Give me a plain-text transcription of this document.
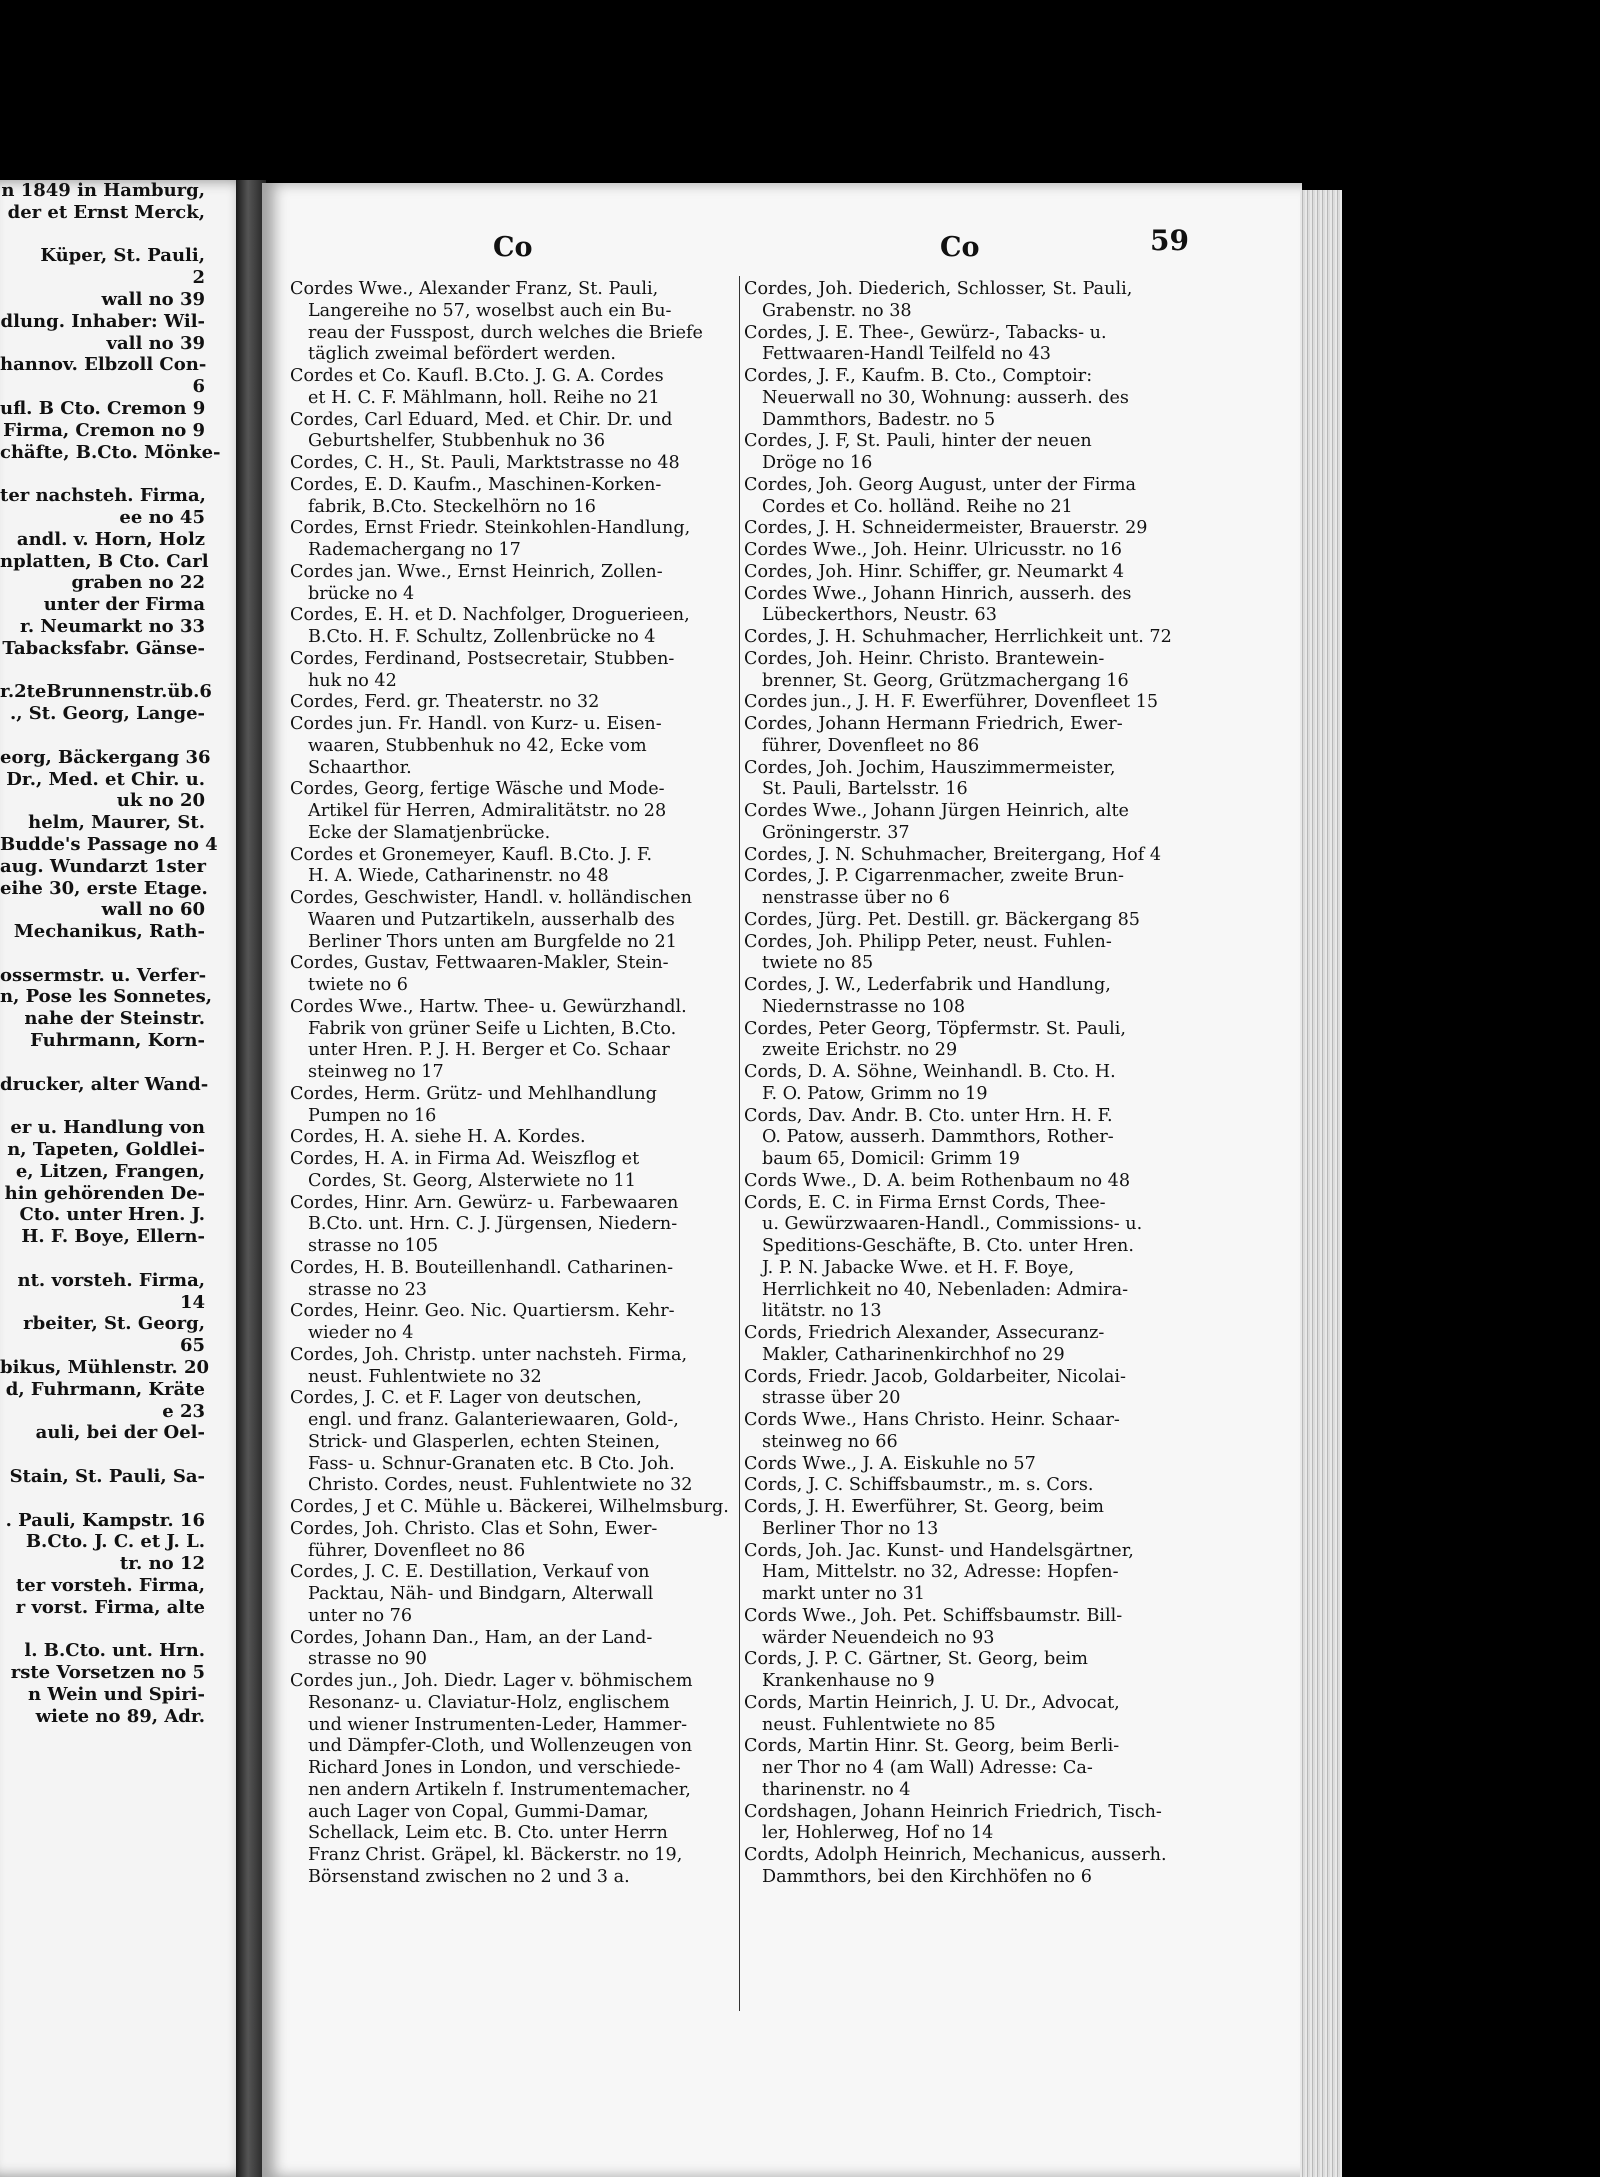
n 1849 in Hamburg,
der et Ernst Merck,
Küper, St. Pauli,
2
wall no 39
dlung. Inhaber: Wil-
vall no 39
hannov. Elbzoll Con-
6
ufl. B Cto. Cremon 9
Firma, Cremon no 9
chäfte, B.Cto. Mönke-
ter nachsteh. Firma,
ee no 45
andl. v. Horn, Holz
nplatten, B Cto. Carl
graben no 22
unter der Firma
r. Neumarkt no 33
Tabacksfabr. Gänse-
r.2teBrunnenstr.üb.6
., St. Georg, Lange-
eorg, Bäckergang 36
Dr., Med. et Chir. u.
uk no 20
helm, Maurer, St.
Budde's Passage no 4
aug. Wundarzt 1ster
eihe 30, erste Etage.
wall no 60
Mechanikus, Rath-
ossermstr. u. Verfer-
n, Pose les Sonnetes,
nahe der Steinstr.
Fuhrmann, Korn-
drucker, alter Wand-
er u. Handlung von
n, Tapeten, Goldlei-
e, Litzen, Frangen,
hin gehörenden De-
Cto. unter Hren. J.
H. F. Boye, Ellern-
nt. vorsteh. Firma,
14
rbeiter, St. Georg,
65
bikus, Mühlenstr. 20
d, Fuhrmann, Kräte
e 23
auli, bei der Oel-
Stain, St. Pauli, Sa-
. Pauli, Kampstr. 16
B.Cto. J. C. et J. L.
tr. no 12
ter vorsteh. Firma,
r vorst. Firma, alte
l. B.Cto. unt. Hrn.
rste Vorsetzen no 5
n Wein und Spiri-
wiete no 89, Adr.
Co	Co	59
Cordes Wwe., Alexander Franz, St. Pauli,
Langereihe no 57, woselbst auch ein Bu-
reau der Fusspost, durch welches die Briefe
täglich zweimal befördert werden.
Cordes et Co. Kaufl. B.Cto. J. G. A. Cordes
et H. C. F. Mählmann, holl. Reihe no 21
Cordes, Carl Eduard, Med. et Chir. Dr. und
Geburtshelfer, Stubbenhuk no 36
Cordes, C. H., St. Pauli, Marktstrasse no 48
Cordes, E. D. Kaufm., Maschinen-Korken-
fabrik, B.Cto. Steckelhörn no 16
Cordes, Ernst Friedr. Steinkohlen-Handlung,
Rademachergang no 17
Cordes jan. Wwe., Ernst Heinrich, Zollen-
brücke no 4
Cordes, E. H. et D. Nachfolger, Droguerieen,
B.Cto. H. F. Schultz, Zollenbrücke no 4
Cordes, Ferdinand, Postsecretair, Stubben-
huk no 42
Cordes, Ferd. gr. Theaterstr. no 32
Cordes jun. Fr. Handl. von Kurz- u. Eisen-
waaren, Stubbenhuk no 42, Ecke vom
Schaarthor.
Cordes, Georg, fertige Wäsche und Mode-
Artikel für Herren, Admiralitätstr. no 28
Ecke der Slamatjenbrücke.
Cordes et Gronemeyer, Kaufl. B.Cto. J. F.
H. A. Wiede, Catharinenstr. no 48
Cordes, Geschwister, Handl. v. holländischen
Waaren und Putzartikeln, ausserhalb des
Berliner Thors unten am Burgfelde no 21
Cordes, Gustav, Fettwaaren-Makler, Stein-
twiete no 6
Cordes Wwe., Hartw. Thee- u. Gewürzhandl.
Fabrik von grüner Seife u Lichten, B.Cto.
unter Hren. P. J. H. Berger et Co. Schaar
steinweg no 17
Cordes, Herm. Grütz- und Mehlhandlung
Pumpen no 16
Cordes, H. A. siehe H. A. Kordes.
Cordes, H. A. in Firma Ad. Weiszflog et
Cordes, St. Georg, Alsterwiete no 11
Cordes, Hinr. Arn. Gewürz- u. Farbewaaren
B.Cto. unt. Hrn. C. J. Jürgensen, Niedern-
strasse no 105
Cordes, H. B. Bouteillenhandl. Catharinen-
strasse no 23
Cordes, Heinr. Geo. Nic. Quartiersm. Kehr-
wieder no 4
Cordes, Joh. Christp. unter nachsteh. Firma,
neust. Fuhlentwiete no 32
Cordes, J. C. et F. Lager von deutschen,
engl. und franz. Galanteriewaaren, Gold-,
Strick- und Glasperlen, echten Steinen,
Fass- u. Schnur-Granaten etc. B Cto. Joh.
Christo. Cordes, neust. Fuhlentwiete no 32
Cordes, J et C. Mühle u. Bäckerei, Wilhelmsburg.
Cordes, Joh. Christo. Clas et Sohn, Ewer-
führer, Dovenfleet no 86
Cordes, J. C. E. Destillation, Verkauf von
Packtau, Näh- und Bindgarn, Alterwall
unter no 76
Cordes, Johann Dan., Ham, an der Land-
strasse no 90
Cordes jun., Joh. Diedr. Lager v. böhmischem
Resonanz- u. Claviatur-Holz, englischem
und wiener Instrumenten-Leder, Hammer-
und Dämpfer-Cloth, und Wollenzeugen von
Richard Jones in London, und verschiede-
nen andern Artikeln f. Instrumentemacher,
auch Lager von Copal, Gummi-Damar,
Schellack, Leim etc. B. Cto. unter Herrn
Franz Christ. Gräpel, kl. Bäckerstr. no 19,
Börsenstand zwischen no 2 und 3 a.
Cordes, Joh. Diederich, Schlosser, St. Pauli,
Grabenstr. no 38
Cordes, J. E. Thee-, Gewürz-, Tabacks- u.
Fettwaaren-Handl Teilfeld no 43
Cordes, J. F., Kaufm. B. Cto., Comptoir:
Neuerwall no 30, Wohnung: ausserh. des
Dammthors, Badestr. no 5
Cordes, J. F, St. Pauli, hinter der neuen
Dröge no 16
Cordes, Joh. Georg August, unter der Firma
Cordes et Co. holländ. Reihe no 21
Cordes, J. H. Schneidermeister, Brauerstr. 29
Cordes Wwe., Joh. Heinr. Ulricusstr. no 16
Cordes, Joh. Hinr. Schiffer, gr. Neumarkt 4
Cordes Wwe., Johann Hinrich, ausserh. des
Lübeckerthors, Neustr. 63
Cordes, J. H. Schuhmacher, Herrlichkeit unt. 72
Cordes, Joh. Heinr. Christo. Brantewein-
brenner, St. Georg, Grützmachergang 16
Cordes jun., J. H. F. Ewerführer, Dovenfleet 15
Cordes, Johann Hermann Friedrich, Ewer-
führer, Dovenfleet no 86
Cordes, Joh. Jochim, Hauszimmermeister,
St. Pauli, Bartelsstr. 16
Cordes Wwe., Johann Jürgen Heinrich, alte
Gröningerstr. 37
Cordes, J. N. Schuhmacher, Breitergang, Hof 4
Cordes, J. P. Cigarrenmacher, zweite Brun-
nenstrasse über no 6
Cordes, Jürg. Pet. Destill. gr. Bäckergang 85
Cordes, Joh. Philipp Peter, neust. Fuhlen-
twiete no 85
Cordes, J. W., Lederfabrik und Handlung,
Niedernstrasse no 108
Cordes, Peter Georg, Töpfermstr. St. Pauli,
zweite Erichstr. no 29
Cords, D. A. Söhne, Weinhandl. B. Cto. H.
F. O. Patow, Grimm no 19
Cords, Dav. Andr. B. Cto. unter Hrn. H. F.
O. Patow, ausserh. Dammthors, Rother-
baum 65, Domicil: Grimm 19
Cords Wwe., D. A. beim Rothenbaum no 48
Cords, E. C. in Firma Ernst Cords, Thee-
u. Gewürzwaaren-Handl., Commissions- u.
Speditions-Geschäfte, B. Cto. unter Hren.
J. P. N. Jabacke Wwe. et H. F. Boye,
Herrlichkeit no 40, Nebenladen: Admira-
litätstr. no 13
Cords, Friedrich Alexander, Assecuranz-
Makler, Catharinenkirchhof no 29
Cords, Friedr. Jacob, Goldarbeiter, Nicolai-
strasse über 20
Cords Wwe., Hans Christo. Heinr. Schaar-
steinweg no 66
Cords Wwe., J. A. Eiskuhle no 57
Cords, J. C. Schiffsbaumstr., m. s. Cors.
Cords, J. H. Ewerführer, St. Georg, beim
Berliner Thor no 13
Cords, Joh. Jac. Kunst- und Handelsgärtner,
Ham, Mittelstr. no 32, Adresse: Hopfen-
markt unter no 31
Cords Wwe., Joh. Pet. Schiffsbaumstr. Bill-
wärder Neuendeich no 93
Cords, J. P. C. Gärtner, St. Georg, beim
Krankenhause no 9
Cords, Martin Heinrich, J. U. Dr., Advocat,
neust. Fuhlentwiete no 85
Cords, Martin Hinr. St. Georg, beim Berli-
ner Thor no 4 (am Wall) Adresse: Ca-
tharinenstr. no 4
Cordshagen, Johann Heinrich Friedrich, Tisch-
ler, Hohlerweg, Hof no 14
Cordts, Adolph Heinrich, Mechanicus, ausserh.
Dammthors, bei den Kirchhöfen no 6
